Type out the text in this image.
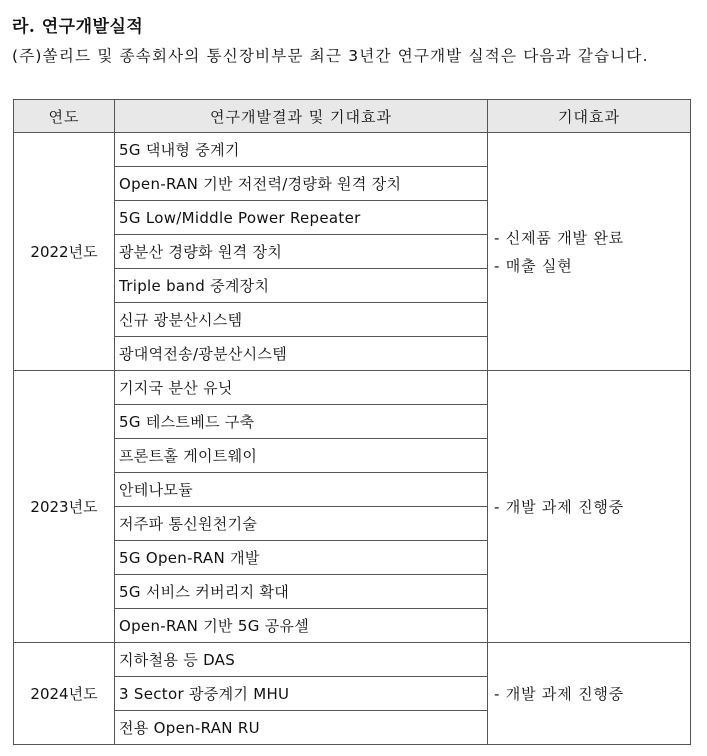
라. 연구개발실적
(주)쏠리드 및 종속회사의 통신장비부문 최근 3년간 연구개발 실적은 다음과 같습니다.
연도	연구개발결과 및 기대효과	기대효과
2022년도	5G 댁내형 중계기	- 신제품 개발 완료
- 매출 실현

	Open-RAN 기반 저전력/경량화 원격 장치	
	5G Low/Middle Power Repeater	
	광분산 경량화 원격 장치	
	Triple band 중계장치	
	신규 광분산시스템	
	광대역전송/광분산시스템	
2023년도	기지국 분산 유닛	- 개발 과제 진행중

	5G 테스트베드 구축	
	프론트홀 게이트웨이	
	안테나모듈	
	저주파 통신원천기술	
	5G Open-RAN 개발	
	5G 서비스 커버리지 확대	
	Open-RAN 기반 5G 공유셀	
2024년도	지하철용 등 DAS	- 개발 과제 진행중

	3 Sector 광중계기 MHU	
	전용 Open-RAN RU	
